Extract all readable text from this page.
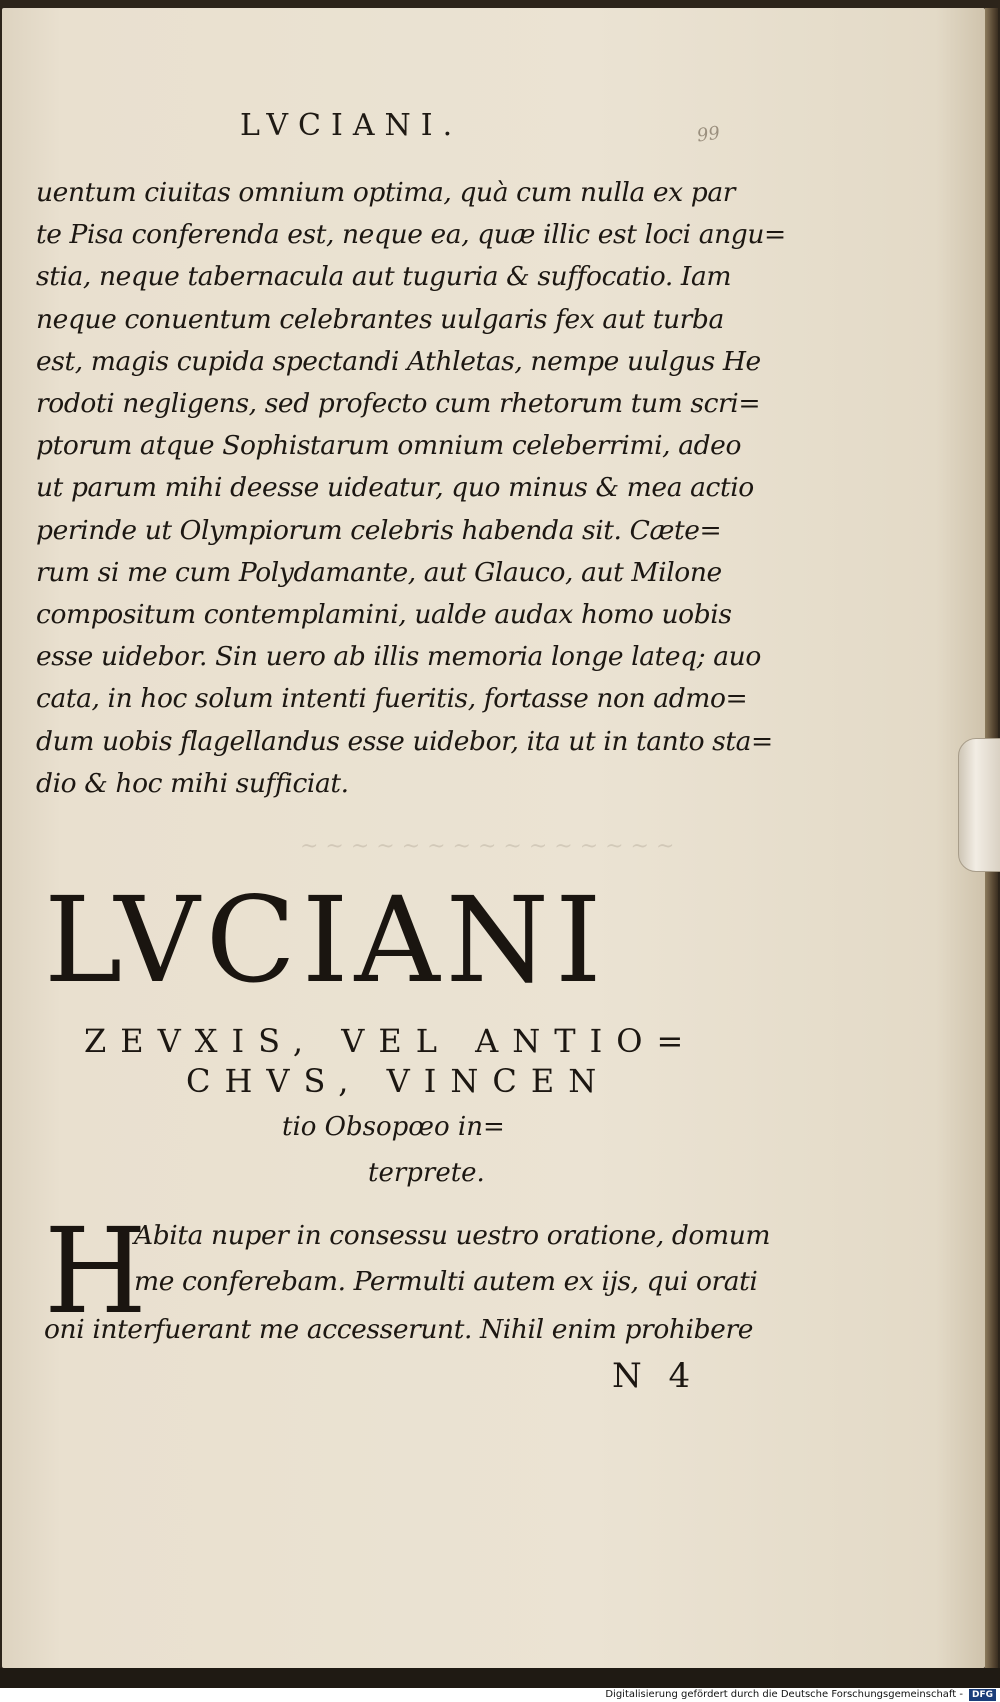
~ ~ ~ ~ ~ ~ ~ ~ ~ ~ ~ ~ ~ ~ ~
LVCIANI.	99
uentum ciuitas omnium optima, quà cum nulla ex par
te Pisa conferenda est, neque ea, quæ illic est loci angu=
stia, neque tabernacula aut tuguria & suffocatio. Iam
neque conuentum celebrantes uulgaris fex aut turba
est, magis cupida spectandi Athletas, nempe uulgus He
rodoti negligens, sed profecto cum rhetorum tum scri=
ptorum atque Sophistarum omnium celeberrimi, adeo
ut parum mihi deesse uideatur, quo minus & mea actio
perinde ut Olympiorum celebris habenda sit. Cæte=
rum si me cum Polydamante, aut Glauco, aut Milone
compositum contemplamini, ualde audax homo uobis
esse uidebor. Sin uero ab illis memoria longe lateq; auo
cata, in hoc solum intenti fueritis, fortasse non admo=
dum uobis flagellandus esse uidebor, ita ut in tanto sta=
dio & hoc mihi sufficiat.
LVCIANI
ZEVXIS, VEL ANTIO=
CHVS, VINCEN
tio Obsopœo in=
terprete.
H
Abita nuper in consessu uestro oratione, domum
me conferebam. Permulti autem ex ijs, qui orati
oni interfuerant me accesserunt. Nihil enim prohibere
N 4
Digitalisierung gefördert durch die Deutsche Forschungsgemeinschaft - DFG
